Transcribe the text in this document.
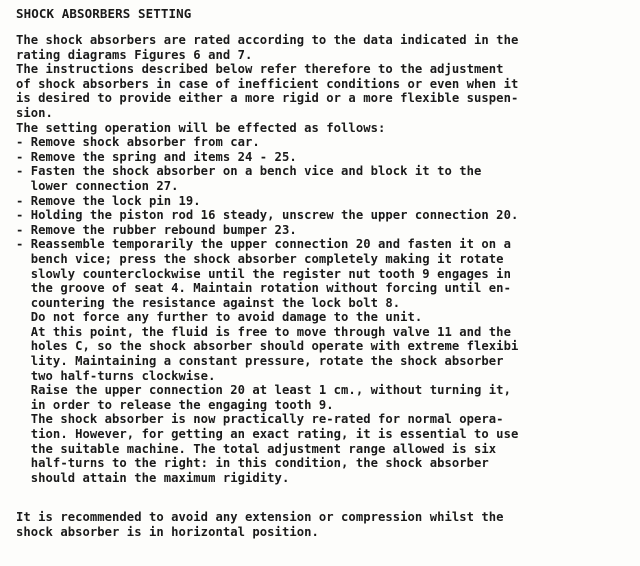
SHOCK ABSORBERS SETTING
The shock absorbers are rated according to the data indicated in the
rating diagrams Figures 6 and 7.
The instructions described below refer therefore to the adjustment
of shock absorbers in case of inefficient conditions or even when it
is desired to provide either a more rigid or a more flexible suspen-
sion.
The setting operation will be effected as follows:
- Remove shock absorber from car.
- Remove the spring and items 24 - 25.
- Fasten the shock absorber on a bench vice and block it to the
lower connection 27.
- Remove the lock pin 19.
- Holding the piston rod 16 steady, unscrew the upper connection 20.
- Remove the rubber rebound bumper 23.
- Reassemble temporarily the upper connection 20 and fasten it on a
bench vice; press the shock absorber completely making it rotate
slowly counterclockwise until the register nut tooth 9 engages in
the groove of seat 4. Maintain rotation without forcing until en-
countering the resistance against the lock bolt 8.
Do not force any further to avoid damage to the unit.
At this point, the fluid is free to move through valve 11 and the
holes C, so the shock absorber should operate with extreme flexibi
lity. Maintaining a constant pressure, rotate the shock absorber
two half-turns clockwise.
Raise the upper connection 20 at least 1 cm., without turning it,
in order to release the engaging tooth 9.
The shock absorber is now practically re-rated for normal opera-
tion. However, for getting an exact rating, it is essential to use
the suitable machine. The total adjustment range allowed is six
half-turns to the right: in this condition, the shock absorber
should attain the maximum rigidity.
It is recommended to avoid any extension or compression whilst the
shock absorber is in horizontal position.
